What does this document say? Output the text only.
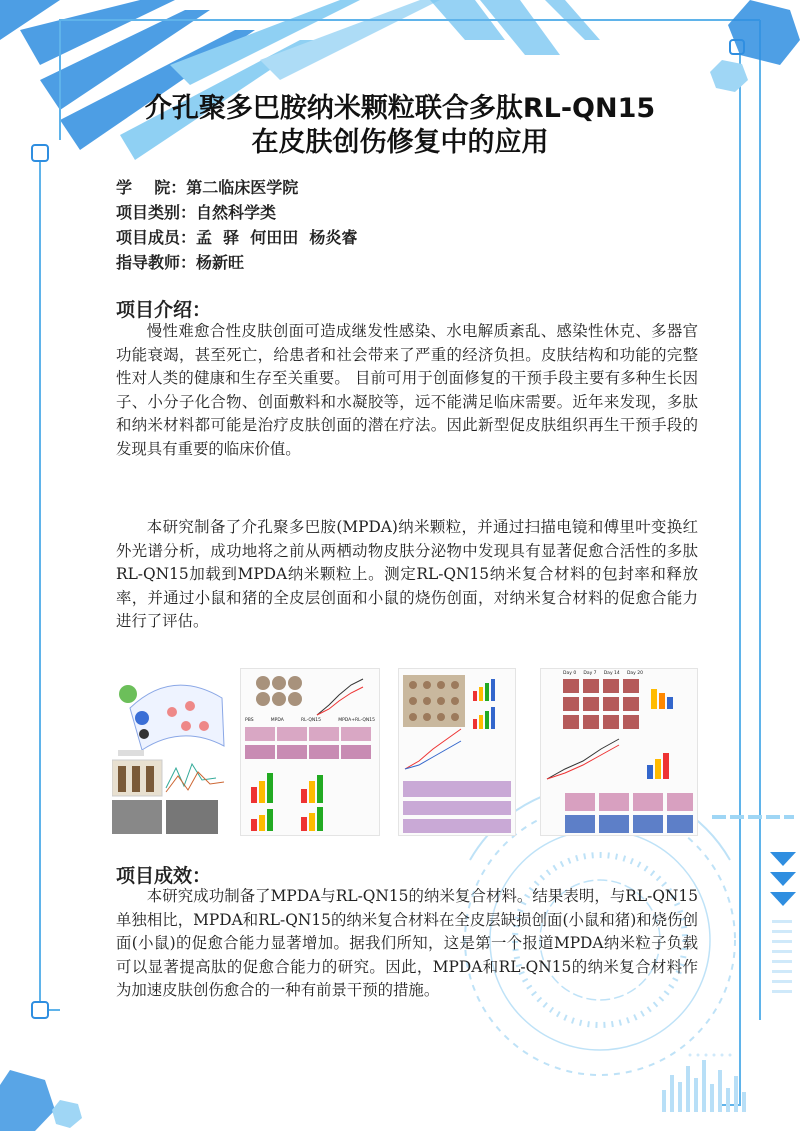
介孔聚多巴胺纳米颗粒联合多肽RL-QN15
在皮肤创伤修复中的应用
学    院：第二临床医学院
项目类别：自然科学类
项目成员：孟  驿  何田田  杨炎睿
指导教师：杨新旺
项目介绍：

慢性难愈合性皮肤创面可造成继发性感染、水电解质紊乱、感染性休克、多器官功能衰竭，甚至死亡，给患者和社会带来了严重的经济负担。皮肤结构和功能的完整性对人类的健康和生存至关重要。 目前可用于创面修复的干预手段主要有多种生长因子、小分子化合物、创面敷料和水凝胶等，远不能满足临床需要。近年来发现，多肽和纳米材料都可能是治疗皮肤创面的潜在疗法。因此新型促皮肤组织再生干预手段的发现具有重要的临床价值。

本研究制备了介孔聚多巴胺(MPDA)纳米颗粒，并通过扫描电镜和傅里叶变换红外光谱分析，成功地将之前从两栖动物皮肤分泌物中发现具有显著促愈合活性的多肽RL-QN15加载到MPDA纳米颗粒上。测定RL-QN15纳米复合材料的包封率和释放率，并通过小鼠和猪的全皮层创面和小鼠的烧伤创面，对纳米复合材料的促愈合能力进行了评估。

PBS	MPDA	RL-QN15	MPDA+RL-QN15
Day 0 Day 7 Day 14 Day 20
项目成效：

本研究成功制备了MPDA与RL-QN15的纳米复合材料。结果表明，与RL-QN15单独相比，MPDA和RL-QN15的纳米复合材料在全皮层缺损创面(小鼠和猪)和烧伤创面(小鼠)的促愈合能力显著增加。据我们所知，这是第一个报道MPDA纳米粒子负载可以显著提高肽的促愈合能力的研究。因此，MPDA和RL-QN15的纳米复合材料作为加速皮肤创伤愈合的一种有前景干预的措施。
